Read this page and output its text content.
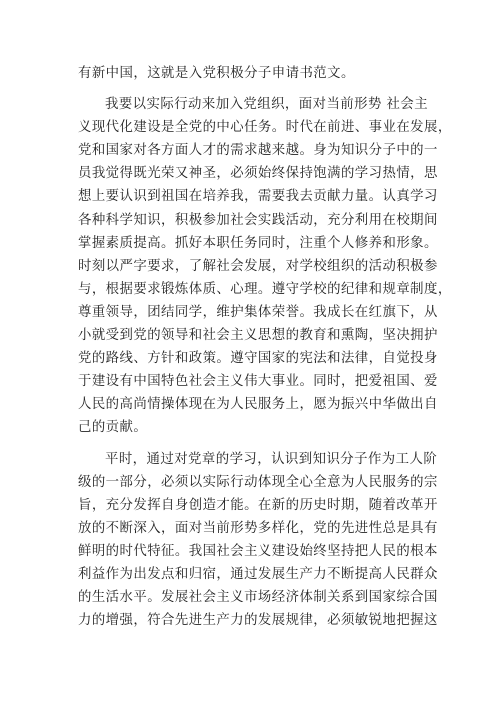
有新中国，这就是入党积极分子申请书范文。
我要以实际行动来加入党组织，面对当前形势 社会主
义现代化建设是全党的中心任务。时代在前进、事业在发展，
党和国家对各方面人才的需求越来越。身为知识分子中的一
员我觉得既光荣又神圣，必须始终保持饱满的学习热情，思
想上要认识到祖国在培养我，需要我去贡献力量。认真学习
各种科学知识，积极参加社会实践活动，充分利用在校期间
掌握素质提高。抓好本职任务同时，注重个人修养和形象。
时刻以严字要求，了解社会发展，对学校组织的活动积极参
与，根据要求锻炼体质、心理。遵守学校的纪律和规章制度，
尊重领导，团结同学，维护集体荣誉。我成长在红旗下，从
小就受到党的领导和社会主义思想的教育和熏陶，坚决拥护
党的路线、方针和政策。遵守国家的宪法和法律，自觉投身
于建设有中国特色社会主义伟大事业。同时，把爱祖国、爱
人民的高尚情操体现在为人民服务上，愿为振兴中华做出自
己的贡献。
平时，通过对党章的学习，认识到知识分子作为工人阶
级的一部分，必须以实际行动体现全心全意为人民服务的宗
旨，充分发挥自身创造才能。在新的历史时期，随着改革开
放的不断深入，面对当前形势多样化，党的先进性总是具有
鲜明的时代特征。我国社会主义建设始终坚持把人民的根本
利益作为出发点和归宿，通过发展生产力不断提高人民群众
的生活水平。发展社会主义市场经济体制关系到国家综合国
力的增强，符合先进生产力的发展规律，必须敏锐地把握这
